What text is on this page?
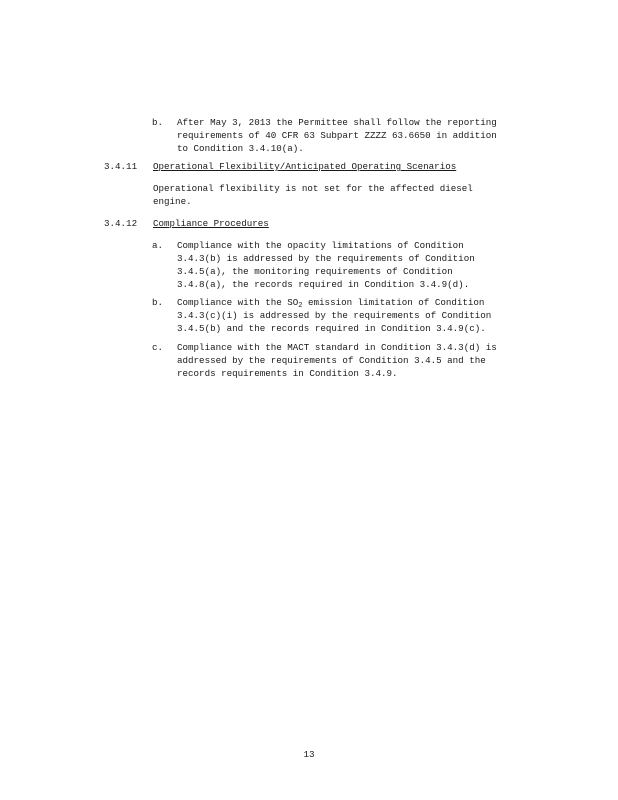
b. After May 3, 2013 the Permittee shall follow the reporting
requirements of 40 CFR 63 Subpart ZZZZ 63.6650 in addition
to Condition 3.4.10(a).
3.4.11 Operational Flexibility/Anticipated Operating Scenarios
Operational flexibility is not set for the affected diesel
engine.
3.4.12 Compliance Procedures
a. Compliance with the opacity limitations of Condition
3.4.3(b) is addressed by the requirements of Condition
3.4.5(a), the monitoring requirements of Condition
3.4.8(a), the records required in Condition 3.4.9(d).
b. Compliance with the $SO_2$ emission limitation of Condition
3.4.3(c)(i) is addressed by the requirements of Condition
3.4.5(b) and the records required in Condition 3.4.9(c).
c. Compliance with the MACT standard in Condition 3.4.3(d) is
addressed by the requirements of Condition 3.4.5 and the
records requirements in Condition 3.4.9.
13
